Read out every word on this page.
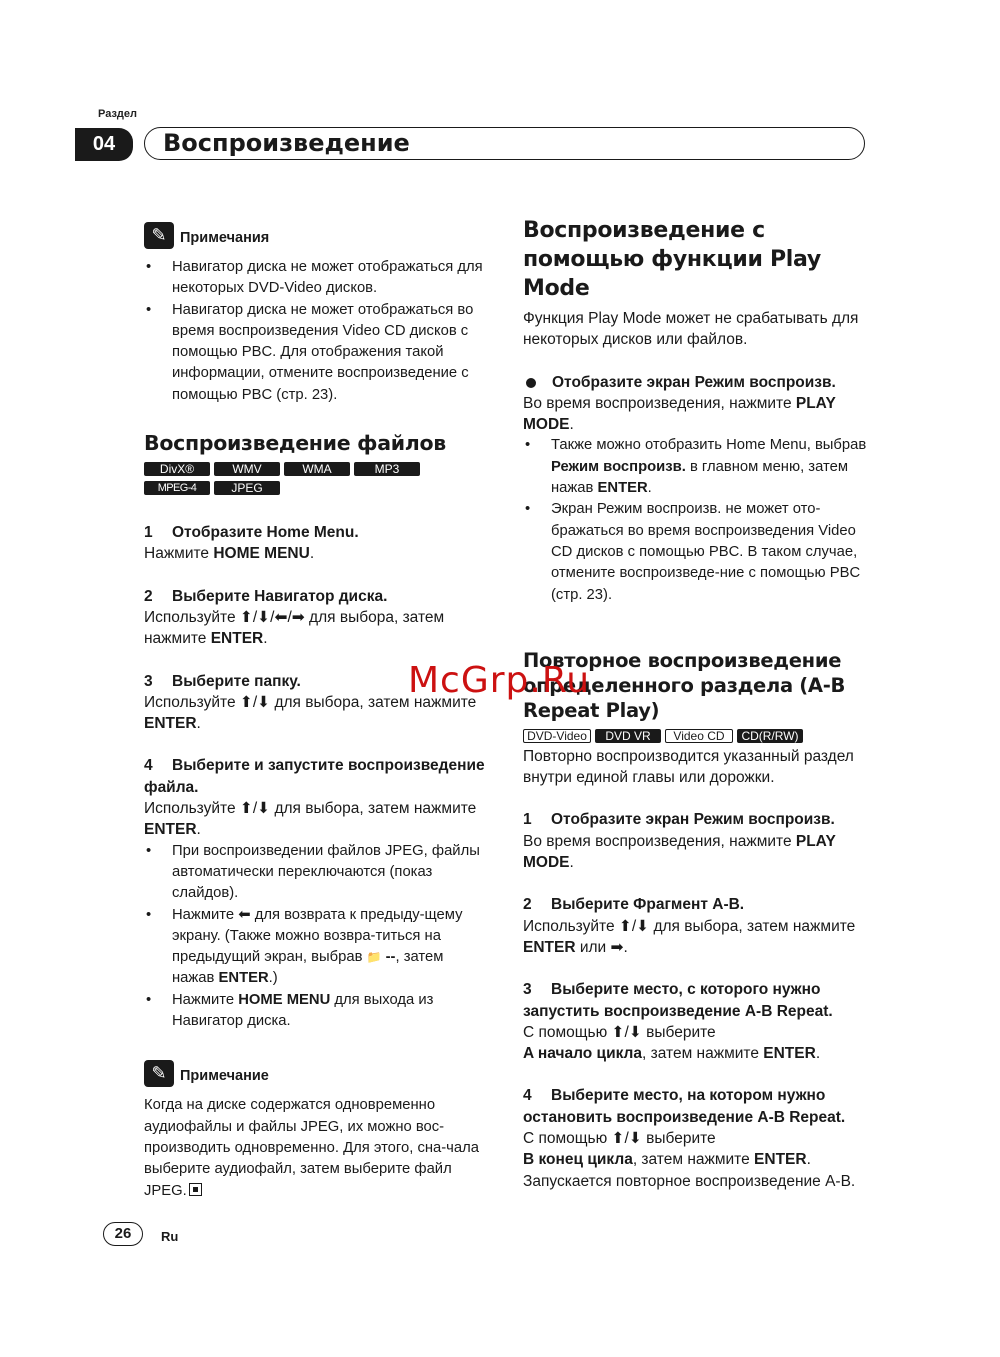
Раздел
04	Воспроизведение
✎ Примечания
• Навигатор диска не может отображаться для некоторых DVD-Video дисков.
• Навигатор диска не может отображаться во время воспроизведения Video CD дисков с помощью PBC. Для отображения такой информации, отмените воспроизведение с помощью PBC (стр. 23).
Воспроизведение файлов
DivX®	WMV	WMA	MP3
MPEG-4 AAC
JPEG
1 Отобразите Home Menu.
Нажмите HOME MENU.
2 Выберите Навигатор диска.
Используйте ⬆/⬇/⬅/➡ для выбора, затем нажмите ENTER.
3 Выберите папку.
Используйте ⬆/⬇ для выбора, затем нажмите ENTER.
4 Выберите и запустите воспроизведение файла.
Используйте ⬆/⬇ для выбора, затем нажмите ENTER.
• При воспроизведении файлов JPEG, файлы автоматически переключаются (показ слайдов).
• Нажмите ⬅ для возврата к предыду-щему экрану. (Также можно возвра-титься на предыдущий экран, выбрав 📁 --, затем нажав ENTER.)
• Нажмите HOME MENU для выхода из Навигатор диска.
✎ Примечание
Когда на диске содержатся одновременно аудиофайлы и файлы JPEG, их можно вос-производить одновременно. Для этого, сна-чала выберите аудиофайл, затем выберите файл JPEG.
Воспроизведение с помощью функции Play Mode
Функция Play Mode может не срабатывать для некоторых дисков или файлов.
Отобразите экран Режим воспроизв.
Во время воспроизведения, нажмите PLAY MODE.
• Также можно отобразить Home Menu, выбрав Режим воспроизв. в главном меню, затем нажав ENTER.
• Экран Режим воспроизв. не может ото-бражаться во время воспроизведения Video CD дисков с помощью PBC. В таком случае, отмените воспроизведе-ние с помощью PBC (стр. 23).
Повторное воспроизведение определенного раздела (A-B Repeat Play)
DVD-Video	DVD VR	Video CD	CD(R/RW)
Повторно воспроизводится указанный раздел внутри единой главы или дорожки.
1 Отобразите экран Режим воспроизв.
Во время воспроизведения, нажмите PLAY MODE.
2 Выберите Фрагмент A-B.
Используйте ⬆/⬇ для выбора, затем нажмите ENTER или ➡.
3 Выберите место, с которого нужно запустить воспроизведение A-B Repeat.
С помощью ⬆/⬇ выберите
A начало цикла, затем нажмите ENTER.
4 Выберите место, на котором нужно остановить воспроизведение A-B Repeat.
С помощью ⬆/⬇ выберите
B конец цикла, затем нажмите ENTER.
Запускается повторное воспроизведение A-B.
McGrp.Ru
26	Ru
